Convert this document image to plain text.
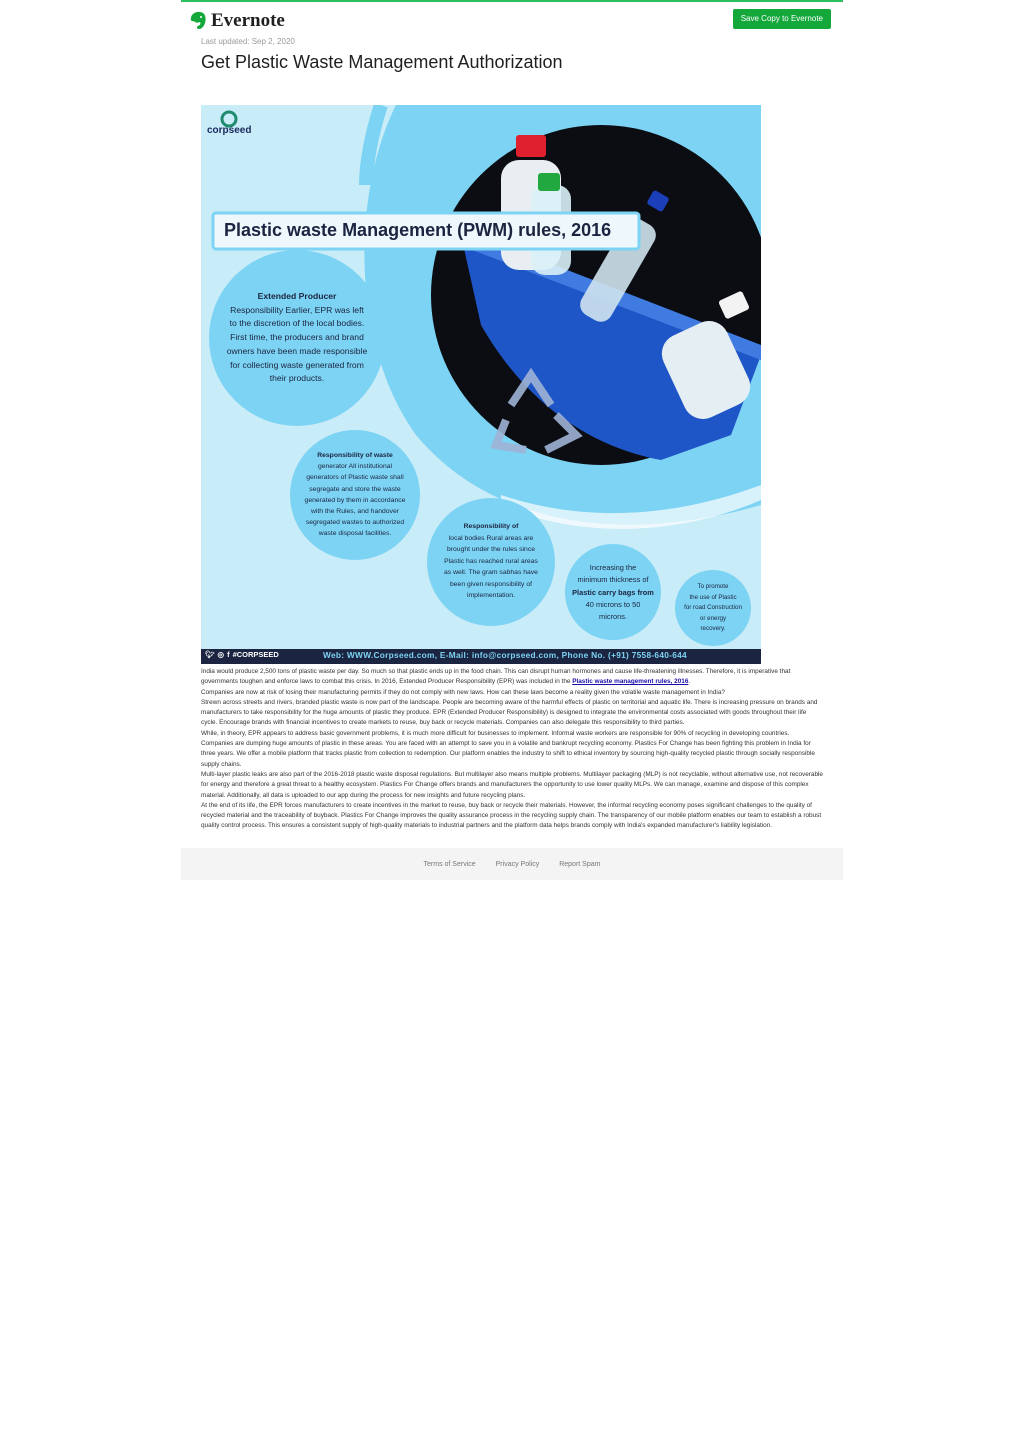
Evernote	Save Copy to Evernote
Last updated: Sep 2, 2020
Get Plastic Waste Management Authorization
corpseed
Plastic waste Management (PWM) rules, 2016
Extended Producer
Responsibility Earlier, EPR was left
to the discretion of the local bodies.
First time, the producers and brand
owners have been made responsible
for collecting waste generated from
their products.
Responsibility of waste
generator All institutional
generators of Plastic waste shall
segregate and store the waste
generated by them in accordance
with the Rules, and handover
segregated wastes to authorized
waste disposal facilities.
Responsibility of
local bodies Rural areas are
brought under the rules since
Plastic has reached rural areas
as well. The gram sabhas have
been given responsibility of
implementation.
Increasing the
minimum thickness of
Plastic carry bags from
40 microns to 50
microns.
To promote
the use of Plastic
for road Construction
or energy
recovery.
🐦︎ ◎ f #CORPSEED	Web: WWW.Corpseed.com, E-Mail: info@corpseed.com, Phone No. (+91) 7558-640-644

India would produce 2,500 tons of plastic waste per day. So much so that plastic ends up in the food chain. This can disrupt human hormones and cause life-threatening illnesses. Therefore, it is imperative that governments toughen and enforce laws to combat this crisis. In 2016, Extended Producer Responsibility (EPR) was included in the Plastic waste management rules, 2016.

Companies are now at risk of losing their manufacturing permits if they do not comply with new laws. How can these laws become a reality given the volatile waste management in India?

Strewn across streets and rivers, branded plastic waste is now part of the landscape. People are becoming aware of the harmful effects of plastic on territorial and aquatic life. There is increasing pressure on brands and manufacturers to take responsibility for the huge amounts of plastic they produce. EPR (Extended Producer Responsibility) is designed to integrate the environmental costs associated with goods throughout their life cycle. Encourage brands with financial incentives to create markets to reuse, buy back or recycle materials. Companies can also delegate this responsibility to third parties.

While, in theory, EPR appears to address basic government problems, it is much more difficult for businesses to implement. Informal waste workers are responsible for 90% of recycling in developing countries. Companies are dumping huge amounts of plastic in these areas. You are faced with an attempt to save you in a volatile and bankrupt recycling economy. Plastics For Change has been fighting this problem in India for three years. We offer a mobile platform that tracks plastic from collection to redemption. Our platform enables the industry to shift to ethical inventory by sourcing high-quality recycled plastic through socially responsible supply chains.

Multi-layer plastic leaks are also part of the 2016-2018 plastic waste disposal regulations. But multilayer also means multiple problems. Multilayer packaging (MLP) is not recyclable, without alternative use, not recoverable for energy and therefore a great threat to a healthy ecosystem. Plastics For Change offers brands and manufacturers the opportunity to use lower quality MLPs. We can manage, examine and dispose of this complex material. Additionally, all data is uploaded to our app during the process for new insights and future recycling plans.

At the end of its life, the EPR forces manufacturers to create incentives in the market to reuse, buy back or recycle their materials. However, the informal recycling economy poses significant challenges to the quality of recycled material and the traceability of buyback. Plastics For Change improves the quality assurance process in the recycling supply chain. The transparency of our mobile platform enables our team to establish a robust quality control process. This ensures a consistent supply of high-quality materials to industrial partners and the platform data helps brands comply with India's expanded manufacturer's liability legislation.

Terms of Service	Privacy Policy	Report Spam
